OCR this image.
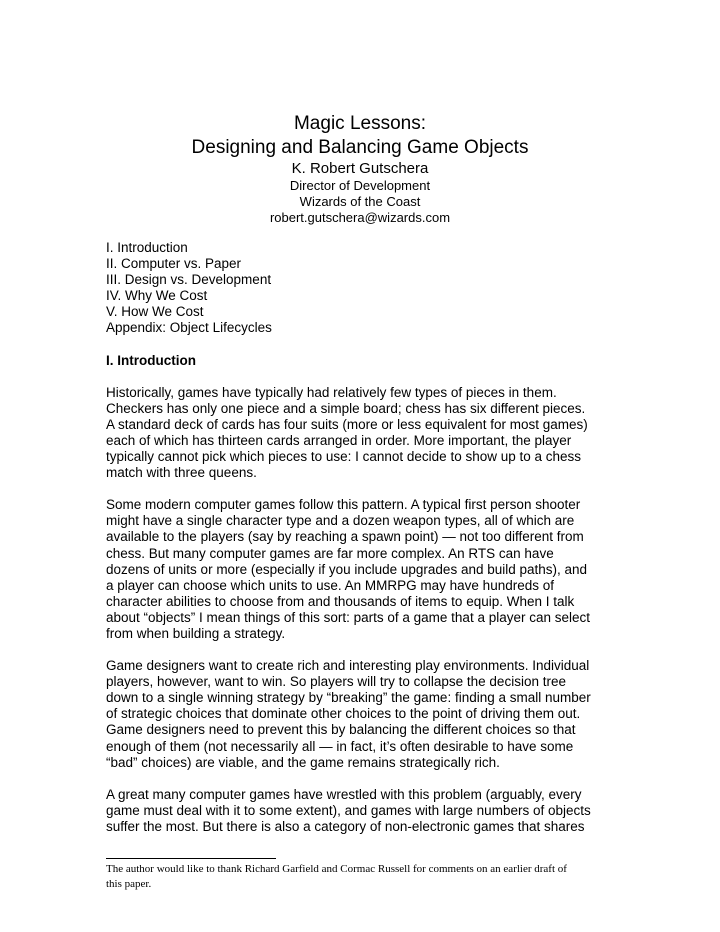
Magic Lessons:
Designing and Balancing Game Objects
K. Robert Gutschera
Director of Development
Wizards of the Coast
robert.gutschera@wizards.com
I. Introduction
II. Computer vs. Paper
III. Design vs. Development
IV. Why We Cost
V. How We Cost
Appendix: Object Lifecycles
I. Introduction
Historically, games have typically had relatively few types of pieces in them.
Checkers has only one piece and a simple board; chess has six different pieces.
A standard deck of cards has four suits (more or less equivalent for most games)
each of which has thirteen cards arranged in order. More important, the player
typically cannot pick which pieces to use: I cannot decide to show up to a chess
match with three queens.
Some modern computer games follow this pattern. A typical first person shooter
might have a single character type and a dozen weapon types, all of which are
available to the players (say by reaching a spawn point) — not too different from
chess. But many computer games are far more complex. An RTS can have
dozens of units or more (especially if you include upgrades and build paths), and
a player can choose which units to use. An MMRPG may have hundreds of
character abilities to choose from and thousands of items to equip. When I talk
about “objects” I mean things of this sort: parts of a game that a player can select
from when building a strategy.
Game designers want to create rich and interesting play environments. Individual
players, however, want to win. So players will try to collapse the decision tree
down to a single winning strategy by “breaking” the game: finding a small number
of strategic choices that dominate other choices to the point of driving them out.
Game designers need to prevent this by balancing the different choices so that
enough of them (not necessarily all — in fact, it’s often desirable to have some
“bad” choices) are viable, and the game remains strategically rich.
A great many computer games have wrestled with this problem (arguably, every
game must deal with it to some extent), and games with large numbers of objects
suffer the most. But there is also a category of non-electronic games that shares
The author would like to thank Richard Garfield and Cormac Russell for comments on an earlier draft of
this paper.
